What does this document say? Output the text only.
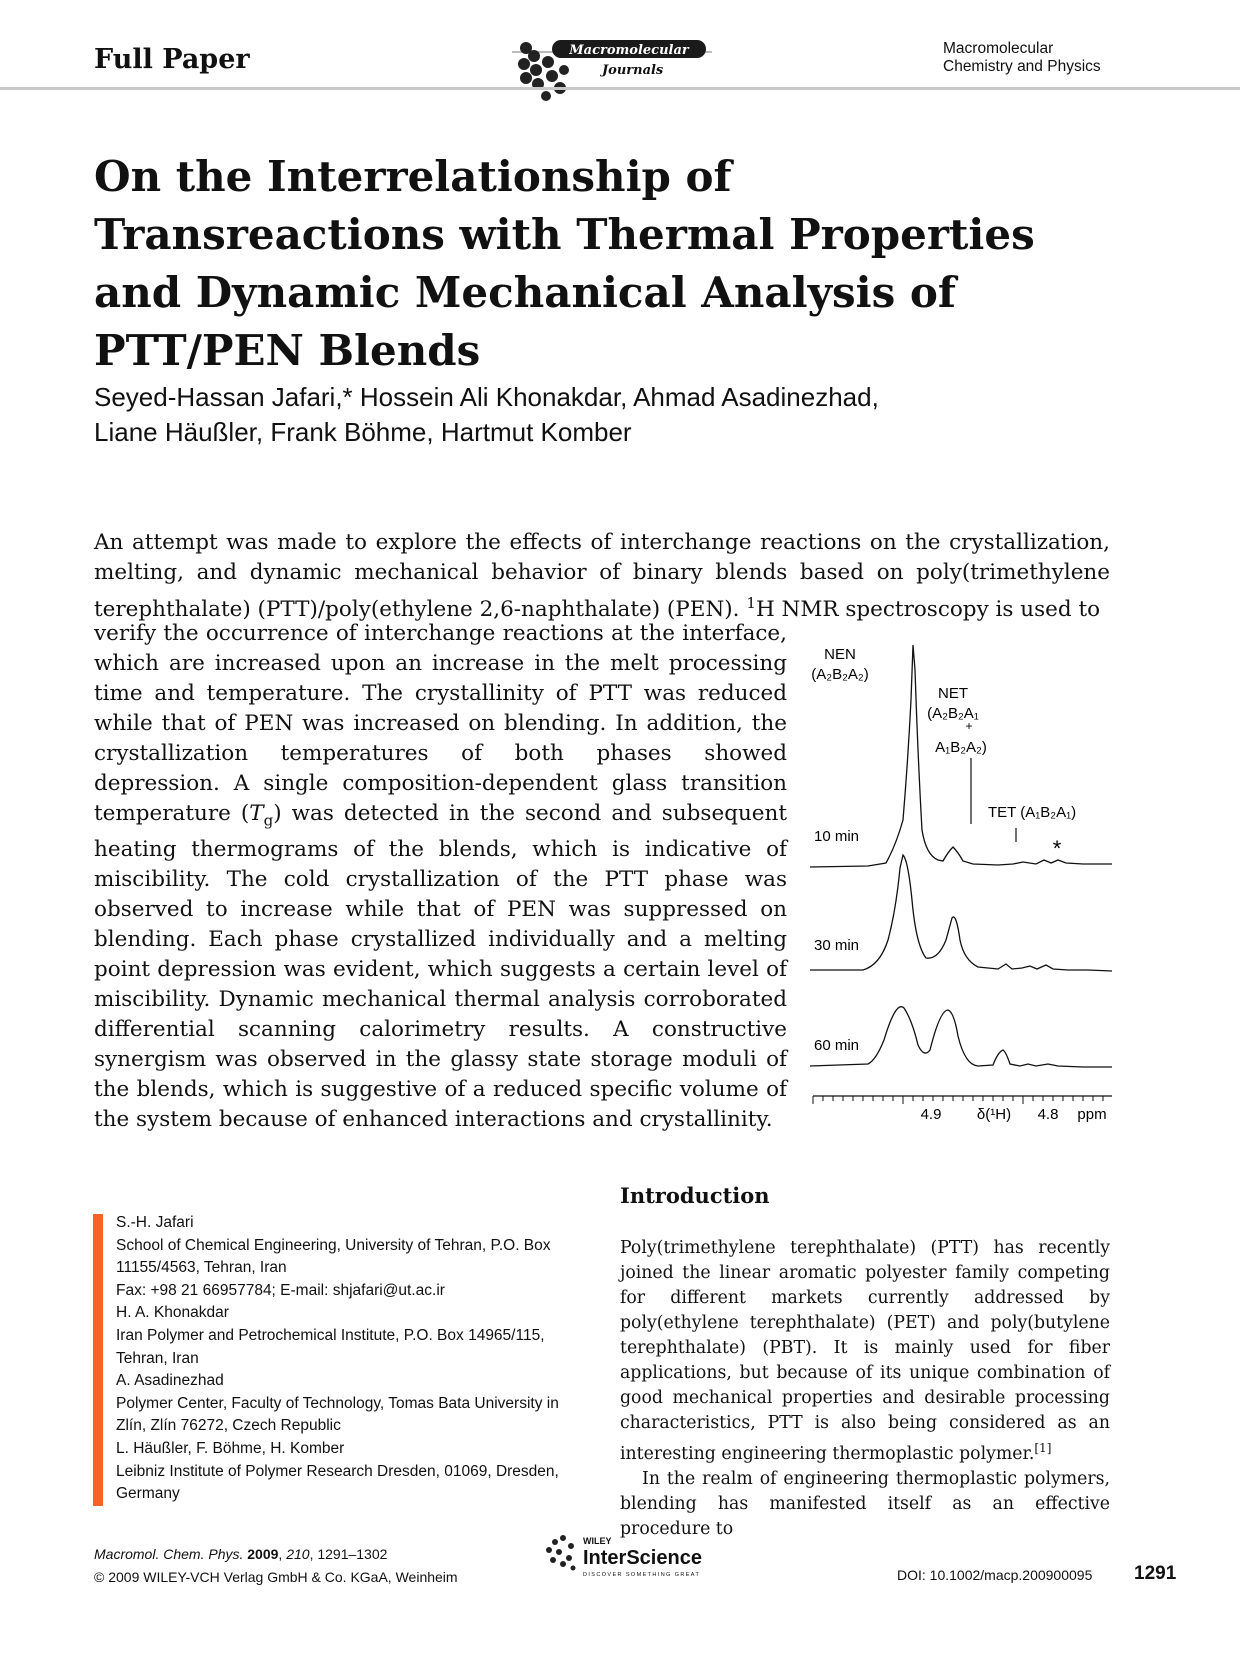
Full Paper	Macromolecular
Journals
Macromolecular
Chemistry and Physics
On the Interrelationship of Transreactions with Thermal Properties and Dynamic Mechanical Analysis of PTT/PEN Blends
Seyed-Hassan Jafari,* Hossein Ali Khonakdar, Ahmad Asadinezhad,
Liane Häußler, Frank Böhme, Hartmut Komber

An attempt was made to explore the effects of interchange reactions on the crystallization, melting, and dynamic mechanical behavior of binary blends based on poly(trimethylene terephthalate) (PTT)/poly(ethylene 2,6-naphthalate) (PEN). $^1$H NMR spectroscopy is used to

verify the occurrence of interchange reactions at the interface, which are increased upon an increase in the melt processing time and temperature. The crystallinity of PTT was reduced while that of PEN was increased on blending. In addition, the crystallization temperatures of both phases showed depression. A single composition-dependent glass transition temperature $(T_g)$ was detected in the second and subsequent heating thermograms of the blends, which is indicative of miscibility. The cold crystallization of the PTT phase was observed to increase while that of PEN was suppressed on blending. Each phase crystallized individually and a melting point depression was evident, which suggests a certain level of miscibility. Dynamic mechanical thermal analysis corroborated differential scanning calorimetry results. A constructive synergism was observed in the glassy state storage moduli of the blends, which is suggestive of a reduced specific volume of the system because of enhanced interactions and crystallinity.

NEN
(A₂B₂A₂)
NET
(A₂B₂A₁
+
A₁B₂A₂)
TET (A₁B₂A₁)
*
10 min
30 min
60 min
4.9 δ(¹H) 4.8 ppm
S.-H. Jafari
School of Chemical Engineering, University of Tehran, P.O. Box 11155/4563, Tehran, Iran
Fax: +98 21 66957784; E-mail: shjafari@ut.ac.ir
H. A. Khonakdar
Iran Polymer and Petrochemical Institute, P.O. Box 14965/115, Tehran, Iran
A. Asadinezhad
Polymer Center, Faculty of Technology, Tomas Bata University in Zlín, Zlín 76272, Czech Republic
L. Häußler, F. Böhme, H. Komber
Leibniz Institute of Polymer Research Dresden, 01069, Dresden, Germany
Introduction

Poly(trimethylene terephthalate) (PTT) has recently joined the linear aromatic polyester family competing for different markets currently addressed by poly(ethylene terephthalate) (PET) and poly(butylene terephthalate) (PBT). It is mainly used for fiber applications, but because of its unique combination of good mechanical properties and desirable processing characteristics, PTT is also being considered as an interesting engineering thermoplastic polymer.[1]

In the realm of engineering thermoplastic polymers, blending has manifested itself as an effective procedure to

Macromol. Chem. Phys. 2009, 210, 1291–1302
© 2009 WILEY-VCH Verlag GmbH & Co. KGaA, Weinheim
WILEY
InterScience
DISCOVER SOMETHING GREAT	DOI: 10.1002/macp.200900095 1291
